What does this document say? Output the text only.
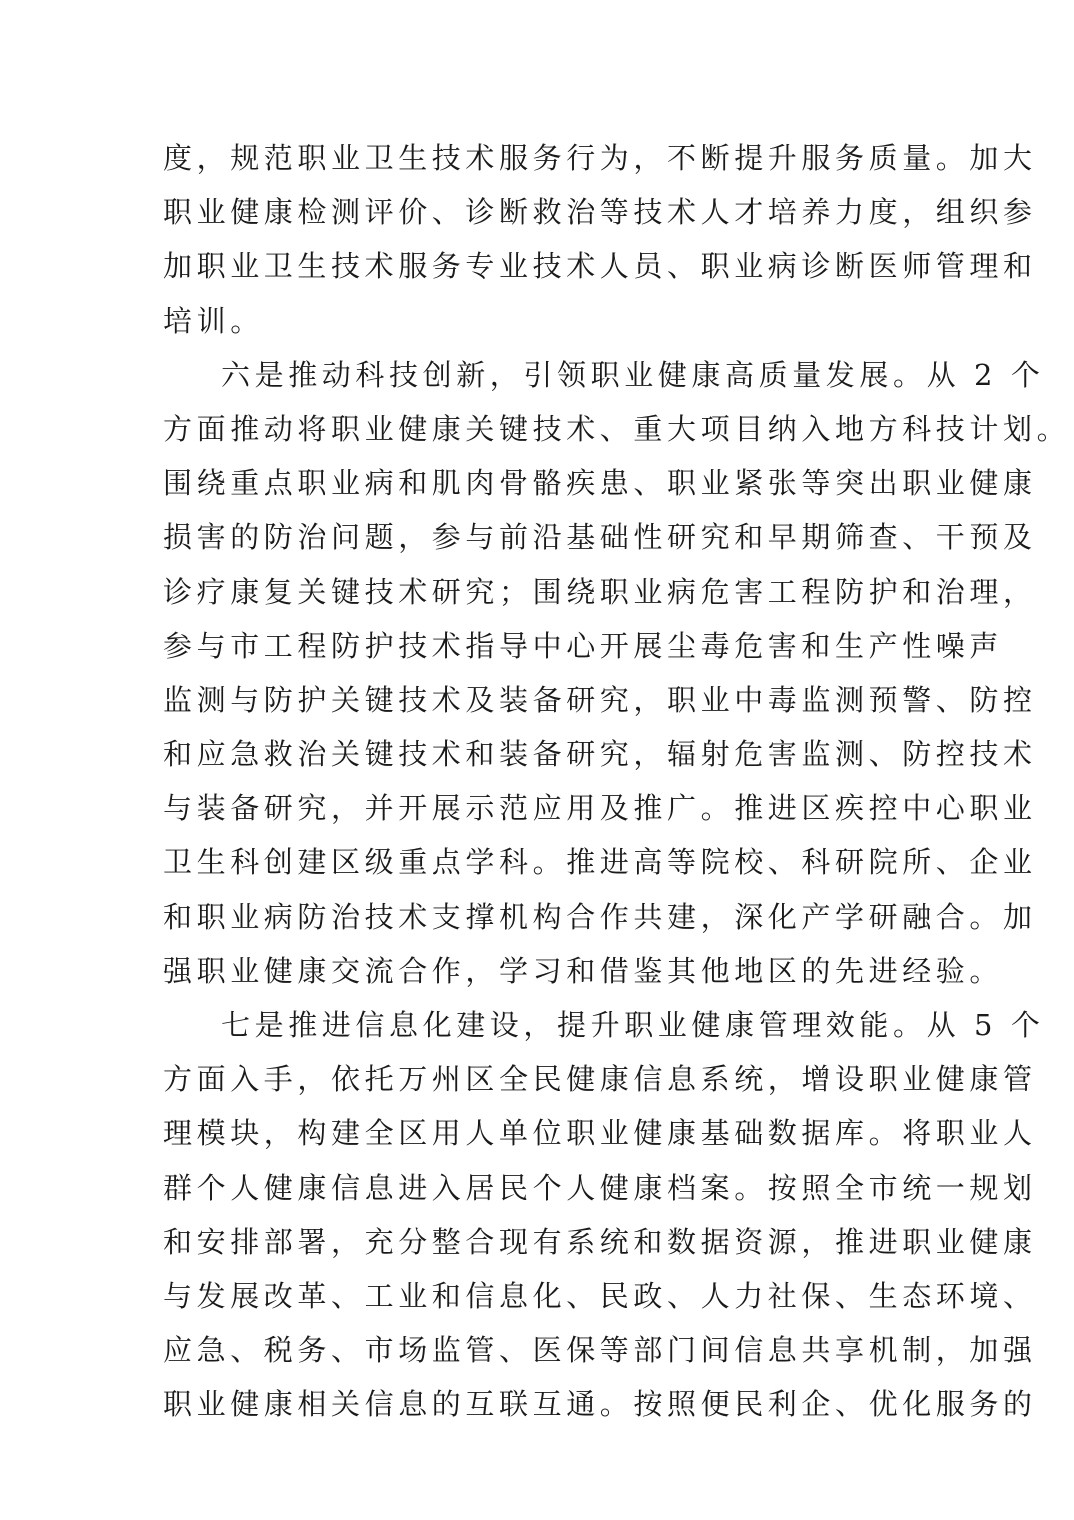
度，规范职业卫生技术服务行为，不断提升服务质量。加大
职业健康检测评价、诊断救治等技术人才培养力度，组织参
加职业卫生技术服务专业技术人员、职业病诊断医师管理和
培训。
六是推动科技创新，引领职业健康高质量发展。从 2 个
方面推动将职业健康关键技术、重大项目纳入地方科技计划。
围绕重点职业病和肌肉骨骼疾患、职业紧张等突出职业健康
损害的防治问题，参与前沿基础性研究和早期筛查、干预及
诊疗康复关键技术研究；围绕职业病危害工程防护和治理，
参与市工程防护技术指导中心开展尘毒危害和生产性噪声
监测与防护关键技术及装备研究，职业中毒监测预警、防控
和应急救治关键技术和装备研究，辐射危害监测、防控技术
与装备研究，并开展示范应用及推广。推进区疾控中心职业
卫生科创建区级重点学科。推进高等院校、科研院所、企业
和职业病防治技术支撑机构合作共建，深化产学研融合。加
强职业健康交流合作，学习和借鉴其他地区的先进经验。
七是推进信息化建设，提升职业健康管理效能。从 5 个
方面入手，依托万州区全民健康信息系统，增设职业健康管
理模块，构建全区用人单位职业健康基础数据库。将职业人
群个人健康信息进入居民个人健康档案。按照全市统一规划
和安排部署，充分整合现有系统和数据资源，推进职业健康
与发展改革、工业和信息化、民政、人力社保、生态环境、
应急、税务、市场监管、医保等部门间信息共享机制，加强
职业健康相关信息的互联互通。按照便民利企、优化服务的
